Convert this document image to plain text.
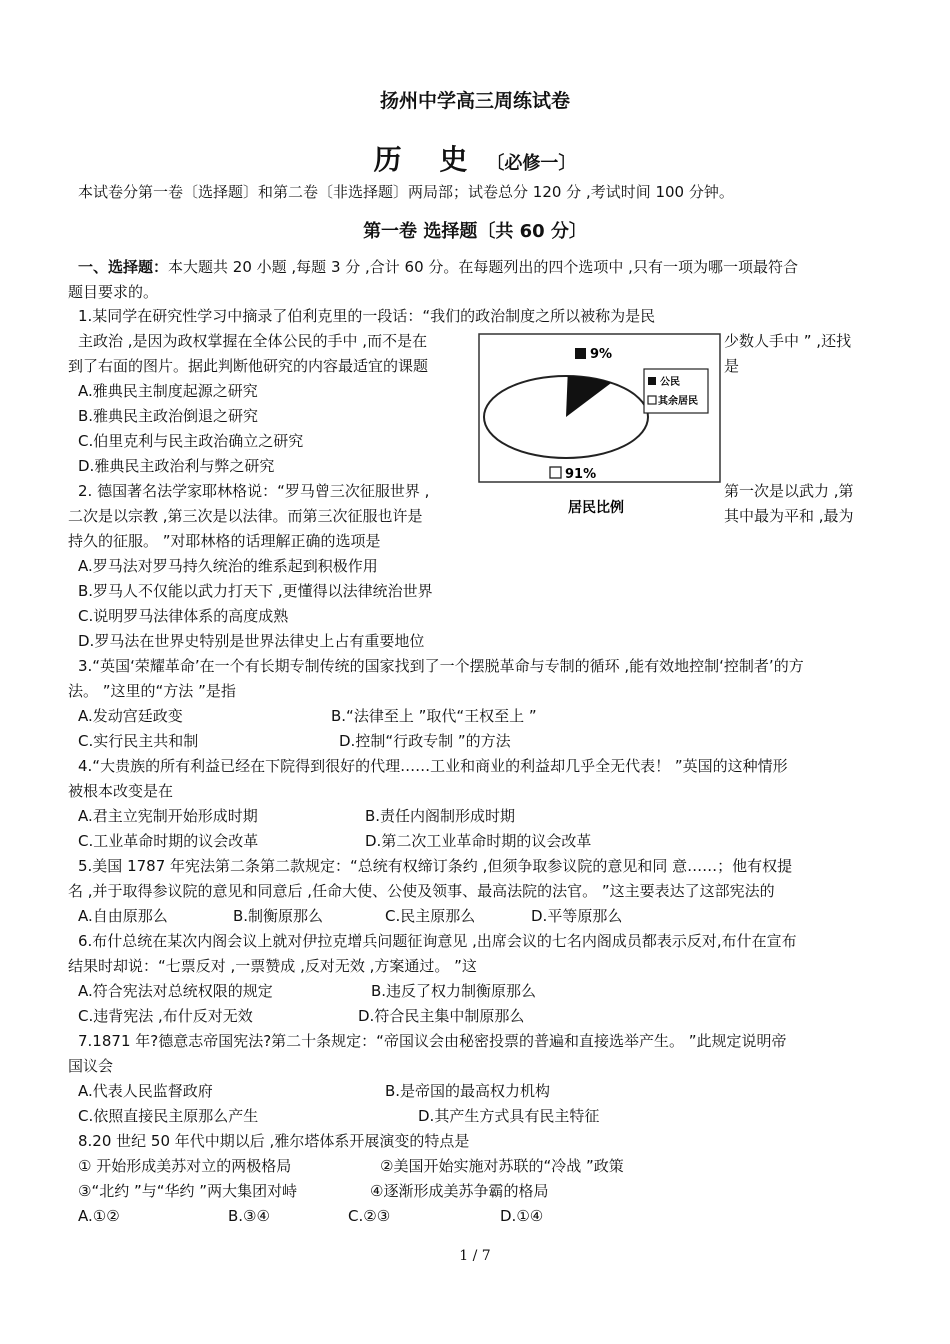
扬州中学高三周练试卷
历 史 〔必修一〕
本试卷分第一卷〔选择题〕和第二卷〔非选择题〕两局部；试卷总分 120 分 ,考试时间 100 分钟。
第一卷 选择题〔共 60 分〕
一、选择题：本大题共 20 小题 ,每题 3 分 ,合计 60 分。在每题列出的四个选项中 ,只有一项为哪一项最符合
题目要求的。
1.某同学在研究性学习中摘录了伯利克里的一段话：“我们的政治制度之所以被称为是民
主政治 ,是因为政权掌握在全体公民的手中 ,而不是在	少数人手中 ” ,还找
到了右面的图片。据此判断他研究的内容最适宜的课题	是
A.雅典民主制度起源之研究
B.雅典民主政治倒退之研究
C.伯里克利与民主政治确立之研究
D.雅典民主政治利与弊之研究
9%
公民
其余居民
91%
居民比例
2. 德国著名法学家耶林格说：“罗马曾三次征服世界 ,	第一次是以武力 ,第
二次是以宗教 ,第三次是以法律。而第三次征服也许是	其中最为平和 ,最为
持久的征服。 ”对耶林格的话理解正确的选项是
A.罗马法对罗马持久统治的维系起到积极作用
B.罗马人不仅能以武力打天下 ,更懂得以法律统治世界
C.说明罗马法律体系的高度成熟
D.罗马法在世界史特别是世界法律史上占有重要地位
3.“英国‘荣耀革命’在一个有长期专制传统的国家找到了一个摆脱革命与专制的循环 ,能有效地控制‘控制者’的方
法。 ”这里的“方法 ”是指
A.发动宫廷政变	B.“法律至上 ”取代“王权至上 ”
C.实行民主共和制	D.控制“行政专制 ”的方法
4.“大贵族的所有利益已经在下院得到很好的代理……工业和商业的利益却几乎全无代表！ ”英国的这种情形
被根本改变是在
A.君主立宪制开始形成时期	B.责任内阁制形成时期
C.工业革命时期的议会改革	D.第二次工业革命时期的议会改革
5.美国 1787 年宪法第二条第二款规定：“总统有权缔订条约 ,但须争取参议院的意见和同 意……；他有权提
名 ,并于取得参议院的意见和同意后 ,任命大使、公使及领事、最高法院的法官。 ”这主要表达了这部宪法的
A.自由原那么	B.制衡原那么	C.民主原那么	D.平等原那么
6.布什总统在某次内阁会议上就对伊拉克增兵问题征询意见 ,出席会议的七名内阁成员都表示反对,布什在宣布
结果时却说：“七票反对 ,一票赞成 ,反对无效 ,方案通过。 ”这
A.符合宪法对总统权限的规定	B.违反了权力制衡原那么
C.违背宪法 ,布什反对无效	D.符合民主集中制原那么
7.1871 年?德意志帝国宪法?第二十条规定：“帝国议会由秘密投票的普遍和直接选举产生。 ”此规定说明帝
国议会
A.代表人民监督政府	B.是帝国的最高权力机构
C.依照直接民主原那么产生	D.其产生方式具有民主特征
8.20 世纪 50 年代中期以后 ,雅尔塔体系开展演变的特点是
① 开始形成美苏对立的两极格局	②美国开始实施对苏联的“冷战 ”政策
③“北约 ”与“华约 ”两大集团对峙	④逐渐形成美苏争霸的格局
A.①②	B.③④	C.②③	D.①④
1 / 7
